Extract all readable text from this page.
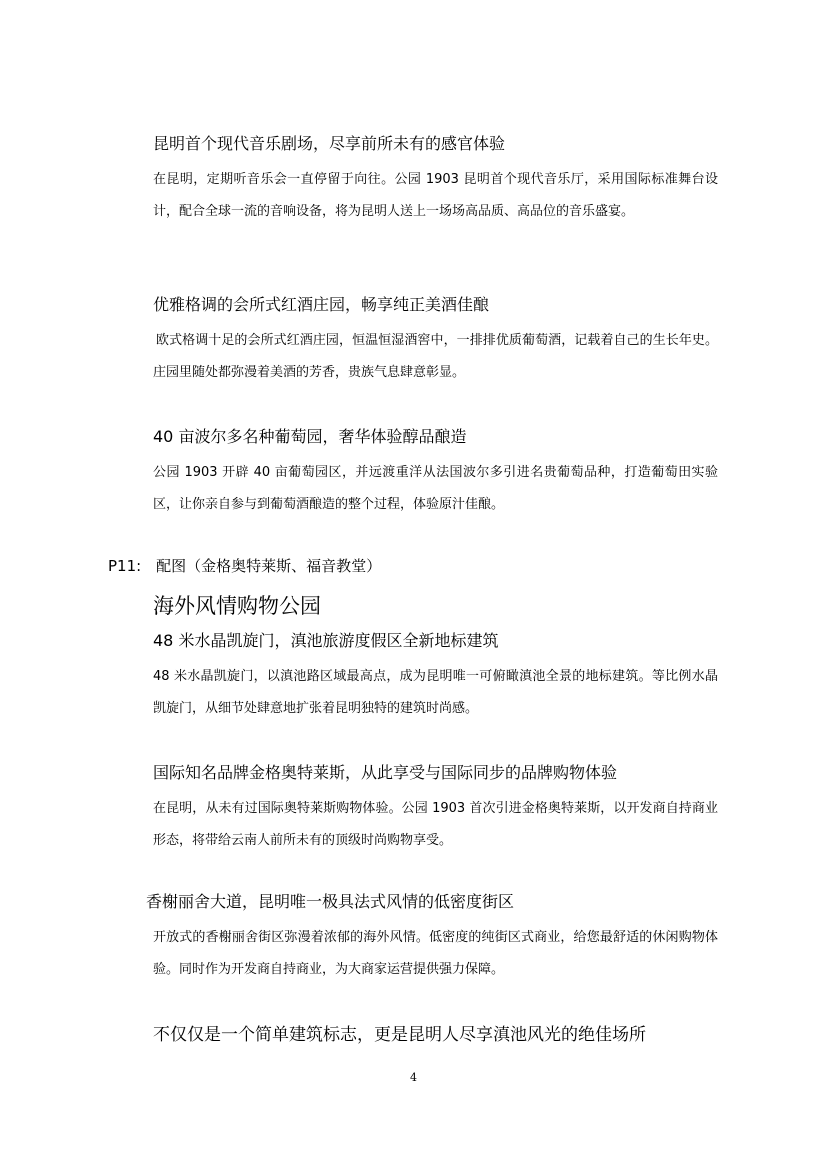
昆明首个现代音乐剧场，尽享前所未有的感官体验
在昆明，定期听音乐会一直停留于向往。公园 1903 昆明首个现代音乐厅，采用国际标准舞台设计，配合全球一流的音响设备，将为昆明人送上一场场高品质、高品位的音乐盛宴。
优雅格调的会所式红酒庄园，畅享纯正美酒佳酿
欧式格调十足的会所式红酒庄园，恒温恒湿酒窖中，一排排优质葡萄酒，记载着自己的生长年史。庄园里随处都弥漫着美酒的芳香，贵族气息肆意彰显。
40 亩波尔多名种葡萄园，奢华体验醇品酿造
公园 1903 开辟 40 亩葡萄园区，并远渡重洋从法国波尔多引进名贵葡萄品种，打造葡萄田实验区，让你亲自参与到葡萄酒酿造的整个过程，体验原汁佳酿。
P11:　配图（金格奥特莱斯、福音教堂）
海外风情购物公园
48 米水晶凯旋门，滇池旅游度假区全新地标建筑
48 米水晶凯旋门，以滇池路区域最高点，成为昆明唯一可俯瞰滇池全景的地标建筑。等比例水晶凯旋门，从细节处肆意地扩张着昆明独特的建筑时尚感。
国际知名品牌金格奥特莱斯，从此享受与国际同步的品牌购物体验
在昆明，从未有过国际奥特莱斯购物体验。公园 1903 首次引进金格奥特莱斯，以开发商自持商业形态，将带给云南人前所未有的顶级时尚购物享受。
香榭丽舍大道，昆明唯一极具法式风情的低密度街区
开放式的香榭丽舍街区弥漫着浓郁的海外风情。低密度的纯街区式商业，给您最舒适的休闲购物体验。同时作为开发商自持商业，为大商家运营提供强力保障。
不仅仅是一个简单建筑标志，更是昆明人尽享滇池风光的绝佳场所
4
